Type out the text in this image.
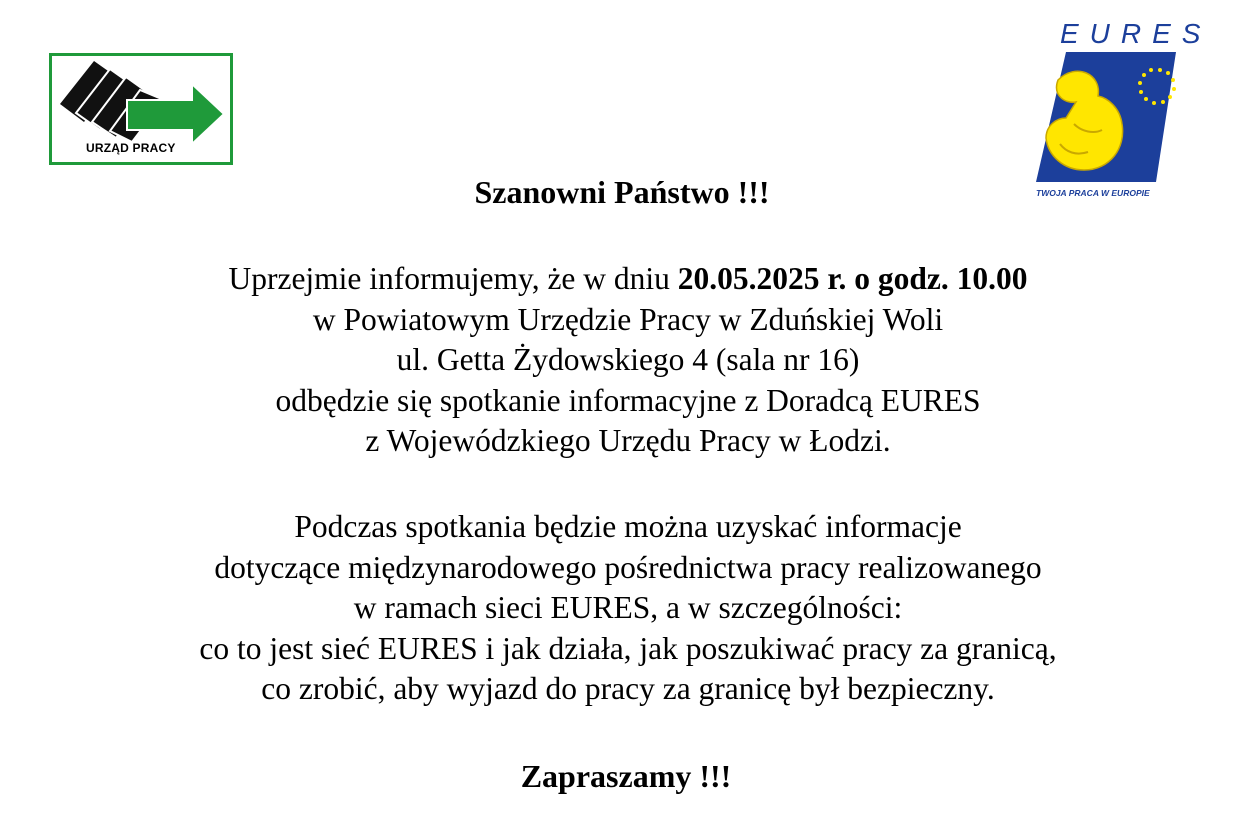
URZĄD PRACY
EURES
TWOJA PRACA W EUROPIE
Szanowni Państwo !!!
Uprzejmie informujemy, że w dniu 20.05.2025 r. o godz. 10.00
w Powiatowym Urzędzie Pracy w Zduńskiej Woli
ul. Getta Żydowskiego 4 (sala nr 16)
odbędzie się spotkanie informacyjne z Doradcą EURES
z Wojewódzkiego Urzędu Pracy w Łodzi.
Podczas spotkania będzie można uzyskać informacje
dotyczące międzynarodowego pośrednictwa pracy realizowanego
w ramach sieci EURES, a w szczególności:
co to jest sieć EURES i jak działa, jak poszukiwać pracy za granicą,
co zrobić, aby wyjazd do pracy za granicę był bezpieczny.
Zapraszamy !!!
